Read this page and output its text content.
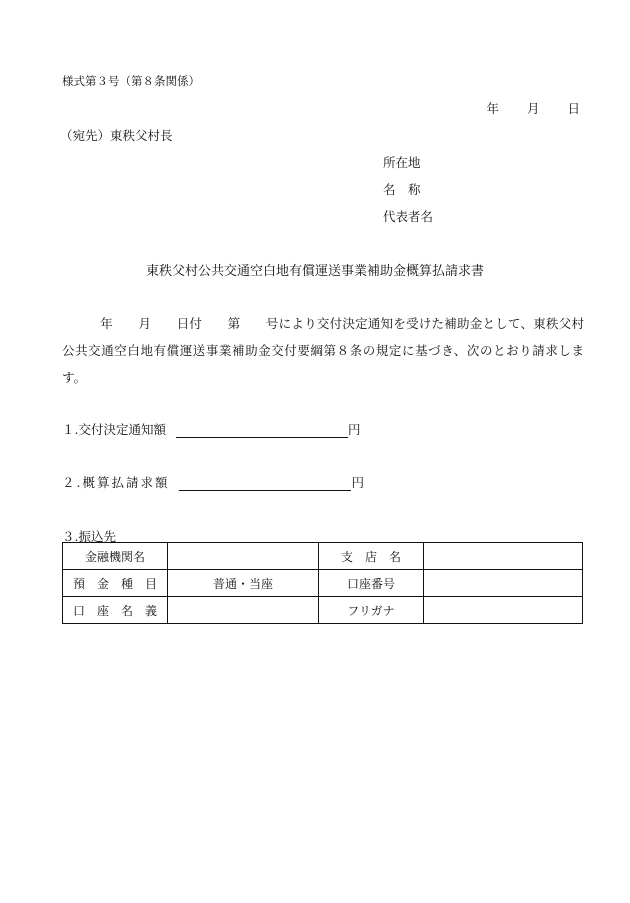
様式第３号（第８条関係）
年 月 日
（宛先）東秩父村長
所在地
名　称
代表者名
東秩父村公共交通空白地有償運送事業補助金概算払請求書
　　　年　　月　　日付　　第　　号により交付決定通知を受けた補助金として、東秩父村公共交通空白地有償運送事業補助金交付要綱第８条の規定に基づき、次のとおり請求します。
１.交付決定通知額	円
２.概算払請求額	円
３.振込先
金融機関名		支　店　名	
預　金　種　目	普通・当座	口座番号	
口　座　名　義		フリガナ	
